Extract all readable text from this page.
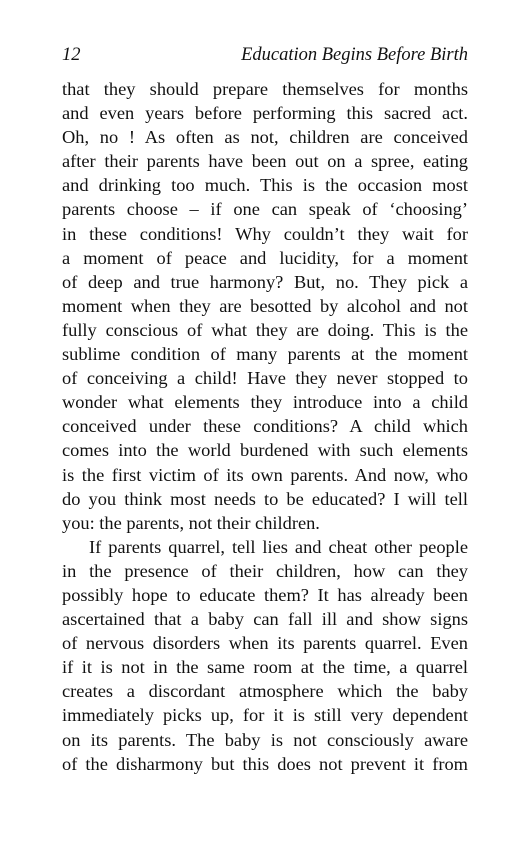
12	Education Begins Before Birth
that they should prepare themselves for months
and even years before performing this sacred act.
Oh, no ! As often as not, children are conceived
after their parents have been out on a spree, eating
and drinking too much. This is the occasion most
parents choose – if one can speak of ‘choosing’
in these conditions! Why couldn’t they wait for
a moment of peace and lucidity, for a moment
of deep and true harmony? But, no. They pick a
moment when they are besotted by alcohol and not
fully conscious of what they are doing. This is the
sublime condition of many parents at the moment
of conceiving a child! Have they never stopped to
wonder what elements they introduce into a child
conceived under these conditions? A child which
comes into the world burdened with such elements
is the first victim of its own parents. And now, who
do you think most needs to be educated? I will tell
you: the parents, not their children.
If parents quarrel, tell lies and cheat other people
in the presence of their children, how can they
possibly hope to educate them? It has already been
ascertained that a baby can fall ill and show signs
of nervous disorders when its parents quarrel. Even
if it is not in the same room at the time, a quarrel
creates a discordant atmosphere which the baby
immediately picks up, for it is still very dependent
on its parents. The baby is not consciously aware
of the disharmony but this does not prevent it from
